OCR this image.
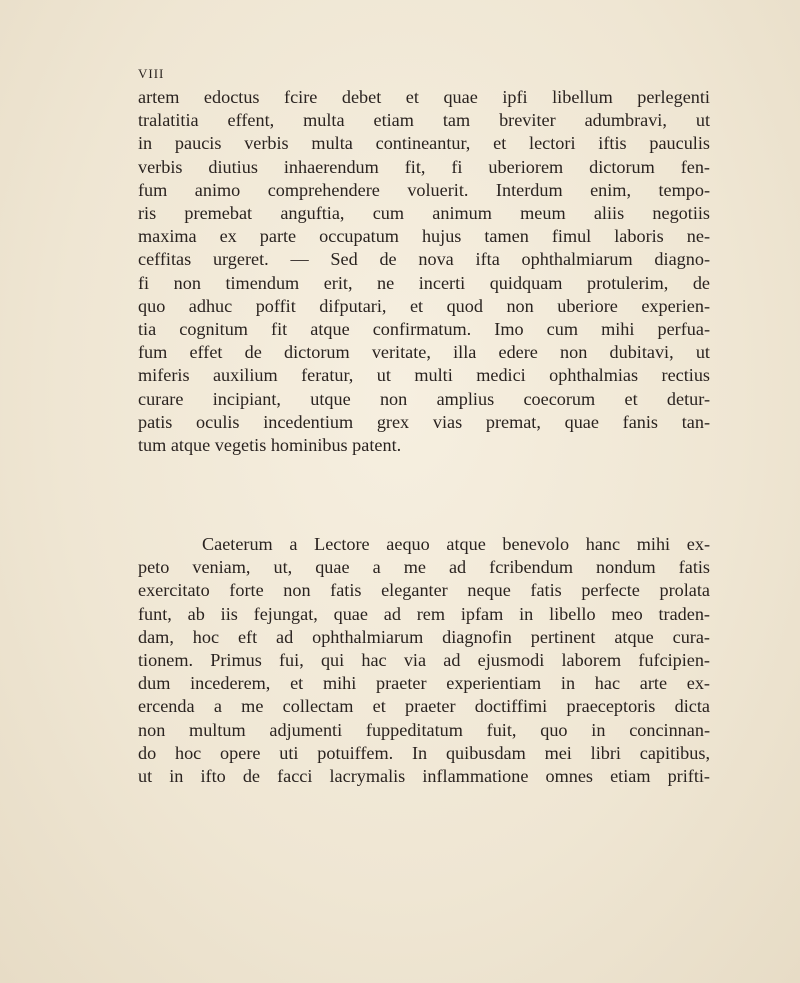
VIII
artem edoctus fcire debet et quae ipfi libellum perlegenti
tralatitia effent, multa etiam tam breviter adumbravi, ut
in paucis verbis multa contineantur, et lectori iftis pauculis
verbis diutius inhaerendum fit, fi uberiorem dictorum fen-
fum animo comprehendere voluerit. Interdum enim, tempo-
ris premebat anguftia, cum animum meum aliis negotiis
maxima ex parte occupatum hujus tamen fimul laboris ne-
ceffitas urgeret. — Sed de nova ifta ophthalmiarum diagno-
fi non timendum erit, ne incerti quidquam protulerim, de
quo adhuc poffit difputari, et quod non uberiore experien-
tia cognitum fit atque confirmatum. Imo cum mihi perfua-
fum effet de dictorum veritate, illa edere non dubitavi, ut
miferis auxilium feratur, ut multi medici ophthalmias rectius
curare incipiant, utque non amplius coecorum et detur-
patis oculis incedentium grex vias premat, quae fanis tan-
tum atque vegetis hominibus patent.
Caeterum a Lectore aequo atque benevolo hanc mihi ex-
peto veniam, ut, quae a me ad fcribendum nondum fatis
exercitato forte non fatis eleganter neque fatis perfecte prolata
funt, ab iis fejungat, quae ad rem ipfam in libello meo traden-
dam, hoc eft ad ophthalmiarum diagnofin pertinent atque cura-
tionem. Primus fui, qui hac via ad ejusmodi laborem fufcipien-
dum incederem, et mihi praeter experientiam in hac arte ex-
ercenda a me collectam et praeter doctiffimi praeceptoris dicta
non multum adjumenti fuppeditatum fuit, quo in concinnan-
do hoc opere uti potuiffem. In quibusdam mei libri capitibus,
ut in ifto de facci lacrymalis inflammatione omnes etiam prifti-
